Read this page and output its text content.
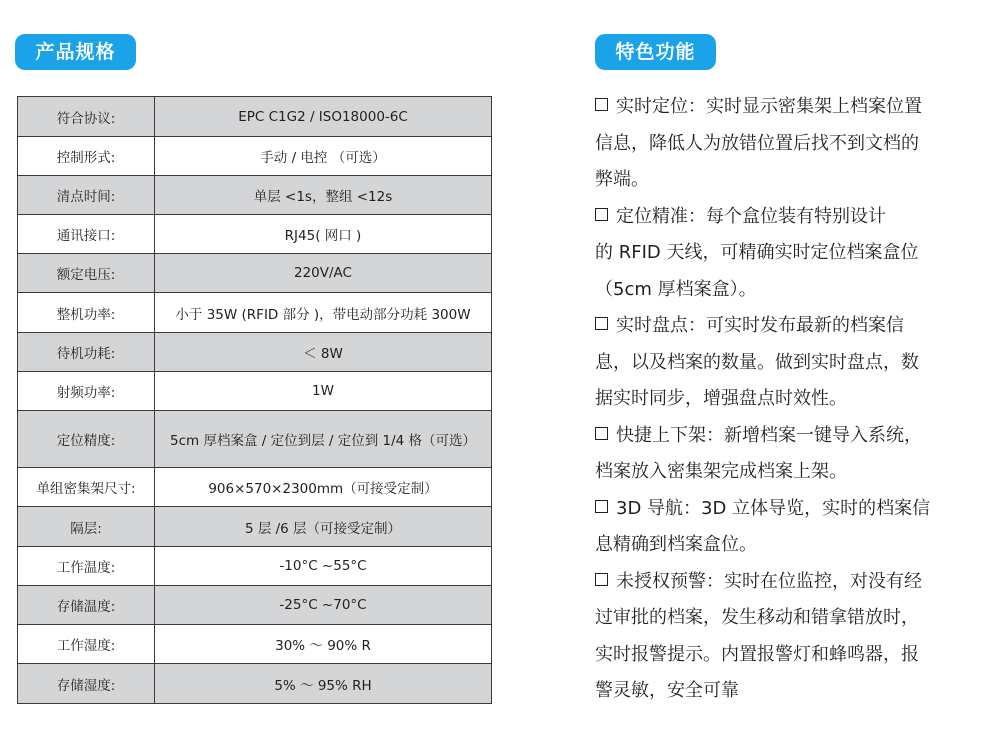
产品规格	特色功能
符合协议:	EPC C1G2 / ISO18000-6C
控制形式:	手动 / 电控 （可选）
清点时间:	单层 <1s，整组 <12s
通讯接口:	RJ45( 网口 )
额定电压:	220V/AC
整机功率:	小于 35W (RFID 部分 )，带电动部分功耗 300W
待机功耗:	＜ 8W
射频功率:	1W
定位精度:	5cm 厚档案盒 / 定位到层 / 定位到 1/4 格（可选）
单组密集架尺寸:	906×570×2300mm（可接受定制）
隔层:	5 层 /6 层（可接受定制）
工作温度:	-10°C ~55°C
存储温度:	-25°C ~70°C
工作湿度:	30% ～ 90% R
存储湿度:	5% ～ 95% RH
实时定位：实时显示密集架上档案位置
信息，降低人为放错位置后找不到文档的
弊端。
定位精准：每个盒位装有特别设计
的 RFID 天线，可精确实时定位档案盒位
（5cm 厚档案盒）。
实时盘点：可实时发布最新的档案信
息，以及档案的数量。做到实时盘点，数
据实时同步，增强盘点时效性。
快捷上下架：新增档案一键导入系统，
档案放入密集架完成档案上架。
3D 导航：3D 立体导览，实时的档案信
息精确到档案盒位。
未授权预警：实时在位监控，对没有经
过审批的档案，发生移动和错拿错放时，
实时报警提示。内置报警灯和蜂鸣器，报
警灵敏，安全可靠
